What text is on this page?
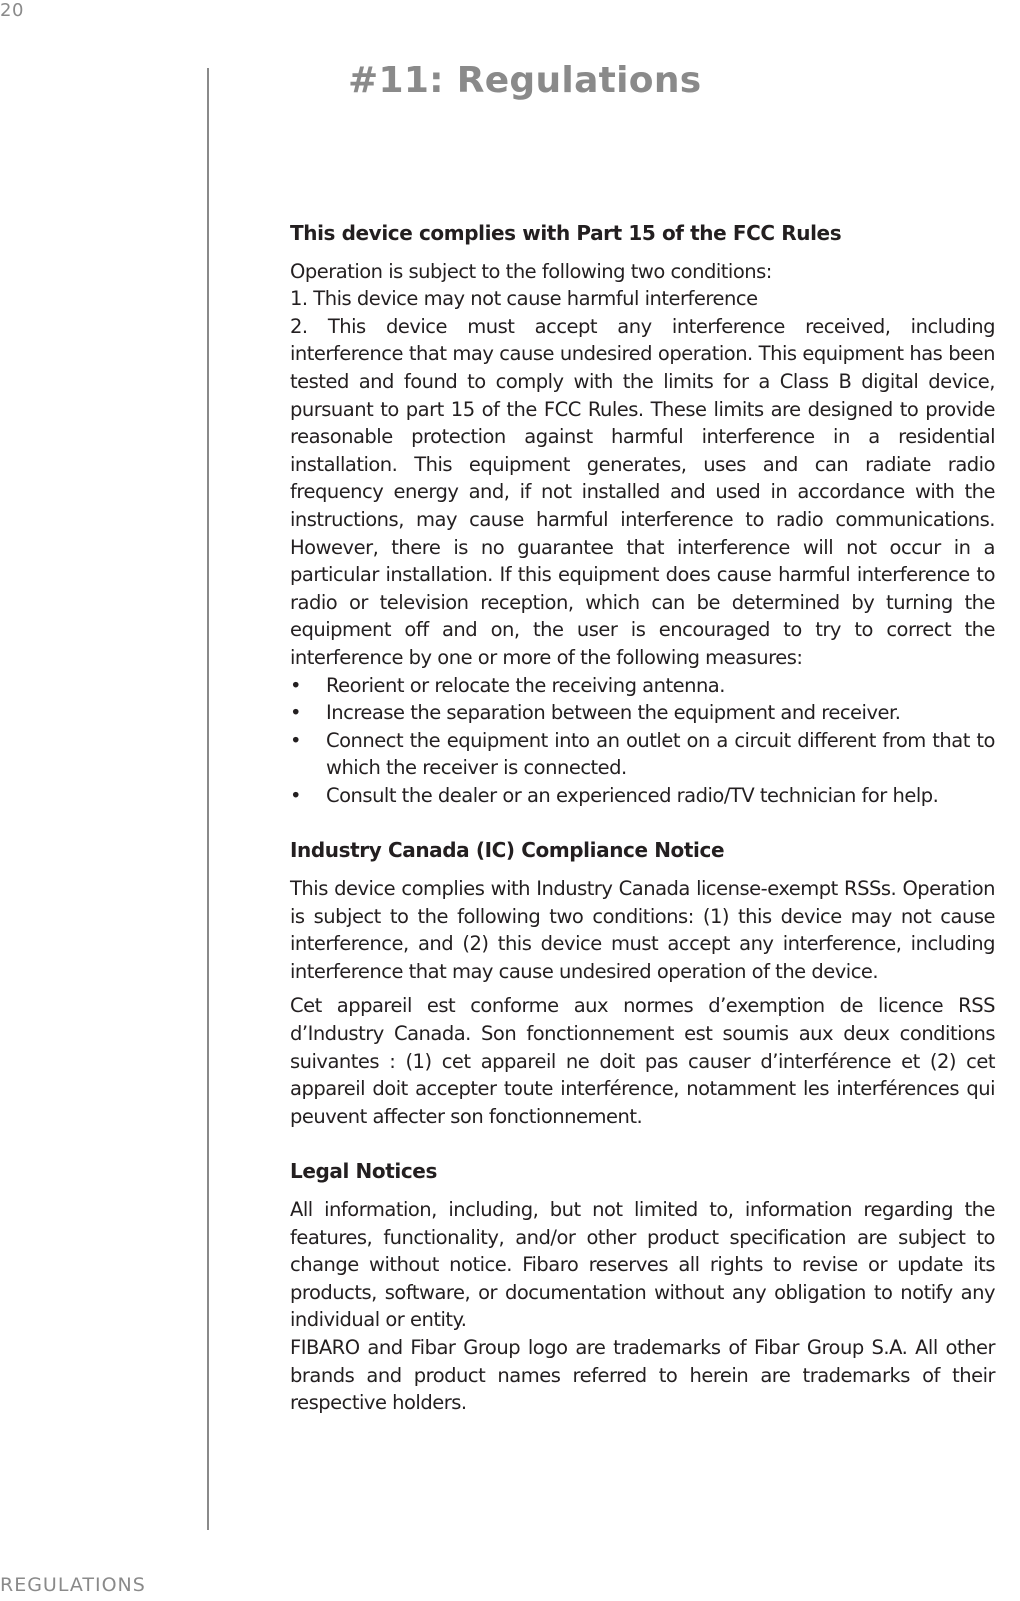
20
#11: Regulations
This device complies with Part 15 of the FCC Rules

Operation is subject to the following two conditions:

1. This device may not cause harmful interference

2. This device must accept any interference received, including interference that may cause undesired operation. This equipment has been tested and found to comply with the limits for a Class B digital device, pursuant to part 15 of the FCC Rules. These limits are designed to provide reasonable protection against harmful interference in a residential installation. This equipment generates, uses and can radiate radio frequency energy and, if not installed and used in accordance with the instructions, may cause harmful interference to radio communications. However, there is no guarantee that interference will not occur in a particular installation. If this equipment does cause harmful interference to radio or television reception, which can be determined by turning the equipment off and on, the user is encouraged to try to correct the interference by one or more of the following measures:

• Reorient or relocate the receiving antenna.
• Increase the separation between the equipment and receiver.
• Connect the equipment into an outlet on a circuit different from that to which the receiver is connected.
• Consult the dealer or an experienced radio/TV technician for help.
Industry Canada (IC) Compliance Notice

This device complies with Industry Canada license-exempt RSSs. Operation is subject to the following two conditions: (1) this device may not cause interference, and (2) this device must accept any interference, including interference that may cause undesired operation of the device.

Cet appareil est conforme aux normes d’exemption de licence RSS d’Industry Canada. Son fonctionnement est soumis aux deux conditions suivantes : (1) cet appareil ne doit pas causer d’interférence et (2) cet appareil doit accepter toute interférence, notamment les interférences qui peuvent affecter son fonctionnement.

Legal Notices

All information, including, but not limited to, information regarding the features, functionality, and/or other product specification are subject to change without notice. Fibaro reserves all rights to revise or update its products, software, or documentation without any obligation to notify any individual or entity.

FIBARO and Fibar Group logo are trademarks of Fibar Group S.A. All other brands and product names referred to herein are trademarks of their respective holders.

REGULATIONS
